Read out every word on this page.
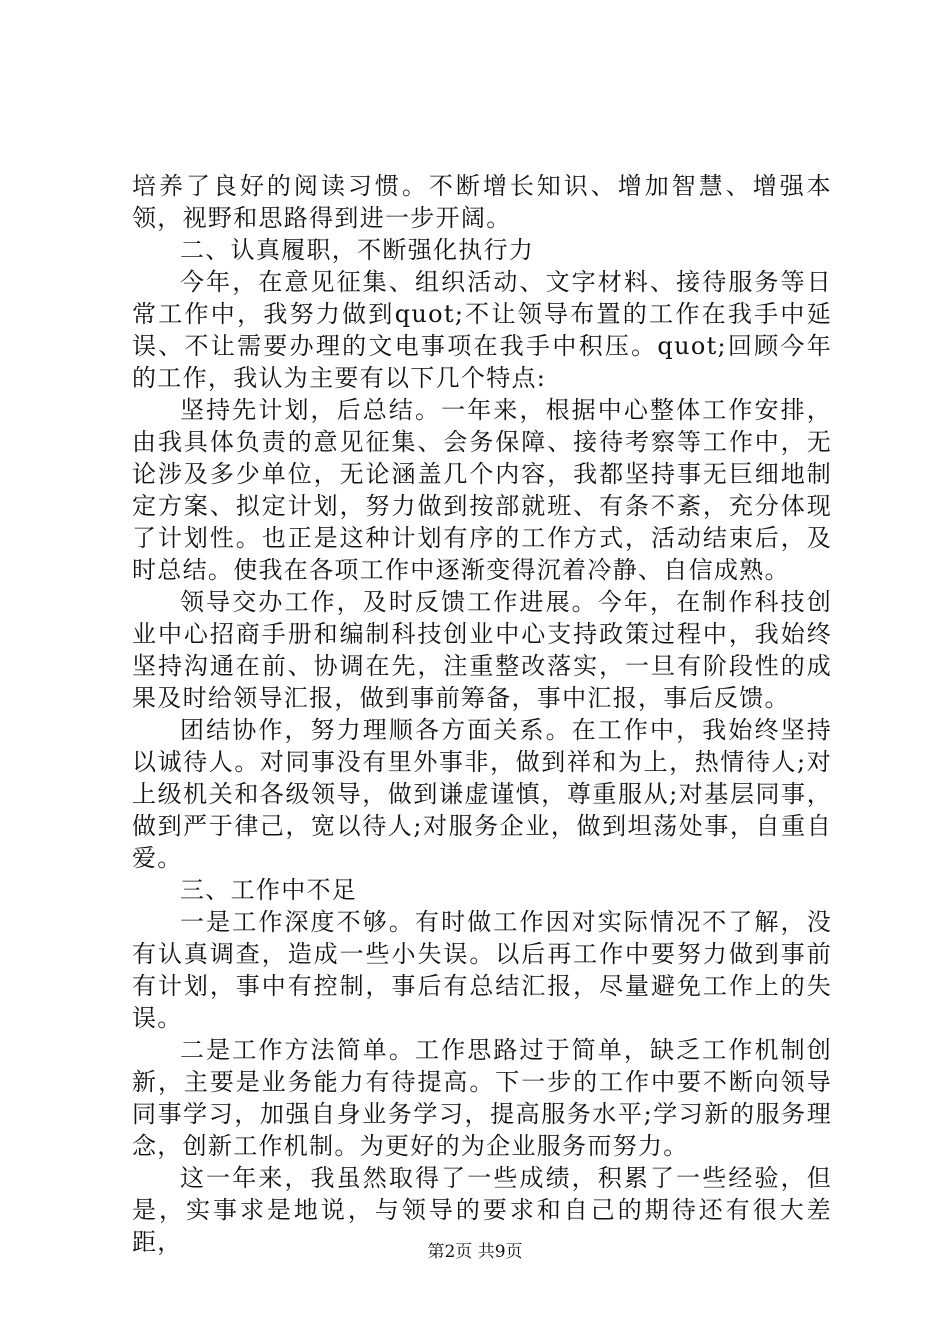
培养了良好的阅读习惯。不断增长知识、增加智慧、增强本领，视野和思路得到进一步开阔。

二、认真履职，不断强化执行力

今年，在意见征集、组织活动、文字材料、接待服务等日常工作中，我努力做到quot;不让领导布置的工作在我手中延误、不让需要办理的文电事项在我手中积压。quot;回顾今年的工作，我认为主要有以下几个特点:

坚持先计划，后总结。一年来，根据中心整体工作安排，由我具体负责的意见征集、会务保障、接待考察等工作中，无论涉及多少单位，无论涵盖几个内容，我都坚持事无巨细地制定方案、拟定计划，努力做到按部就班、有条不紊，充分体现了计划性。也正是这种计划有序的工作方式，活动结束后，及时总结。使我在各项工作中逐渐变得沉着冷静、自信成熟。

领导交办工作，及时反馈工作进展。今年，在制作科技创业中心招商手册和编制科技创业中心支持政策过程中，我始终坚持沟通在前、协调在先，注重整改落实，一旦有阶段性的成果及时给领导汇报，做到事前筹备，事中汇报，事后反馈。

团结协作，努力理顺各方面关系。在工作中，我始终坚持以诚待人。对同事没有里外事非，做到祥和为上，热情待人;对上级机关和各级领导，做到谦虚谨慎，尊重服从;对基层同事，做到严于律己，宽以待人;对服务企业，做到坦荡处事，自重自爱。

三、工作中不足

一是工作深度不够。有时做工作因对实际情况不了解，没有认真调查，造成一些小失误。以后再工作中要努力做到事前有计划，事中有控制，事后有总结汇报，尽量避免工作上的失误。

二是工作方法简单。工作思路过于简单，缺乏工作机制创新，主要是业务能力有待提高。下一步的工作中要不断向领导同事学习，加强自身业务学习，提高服务水平;学习新的服务理念，创新工作机制。为更好的为企业服务而努力。

这一年来，我虽然取得了一些成绩，积累了一些经验，但是，实事求是地说，与领导的要求和自己的期待还有很大差距，	第2页 共9页
